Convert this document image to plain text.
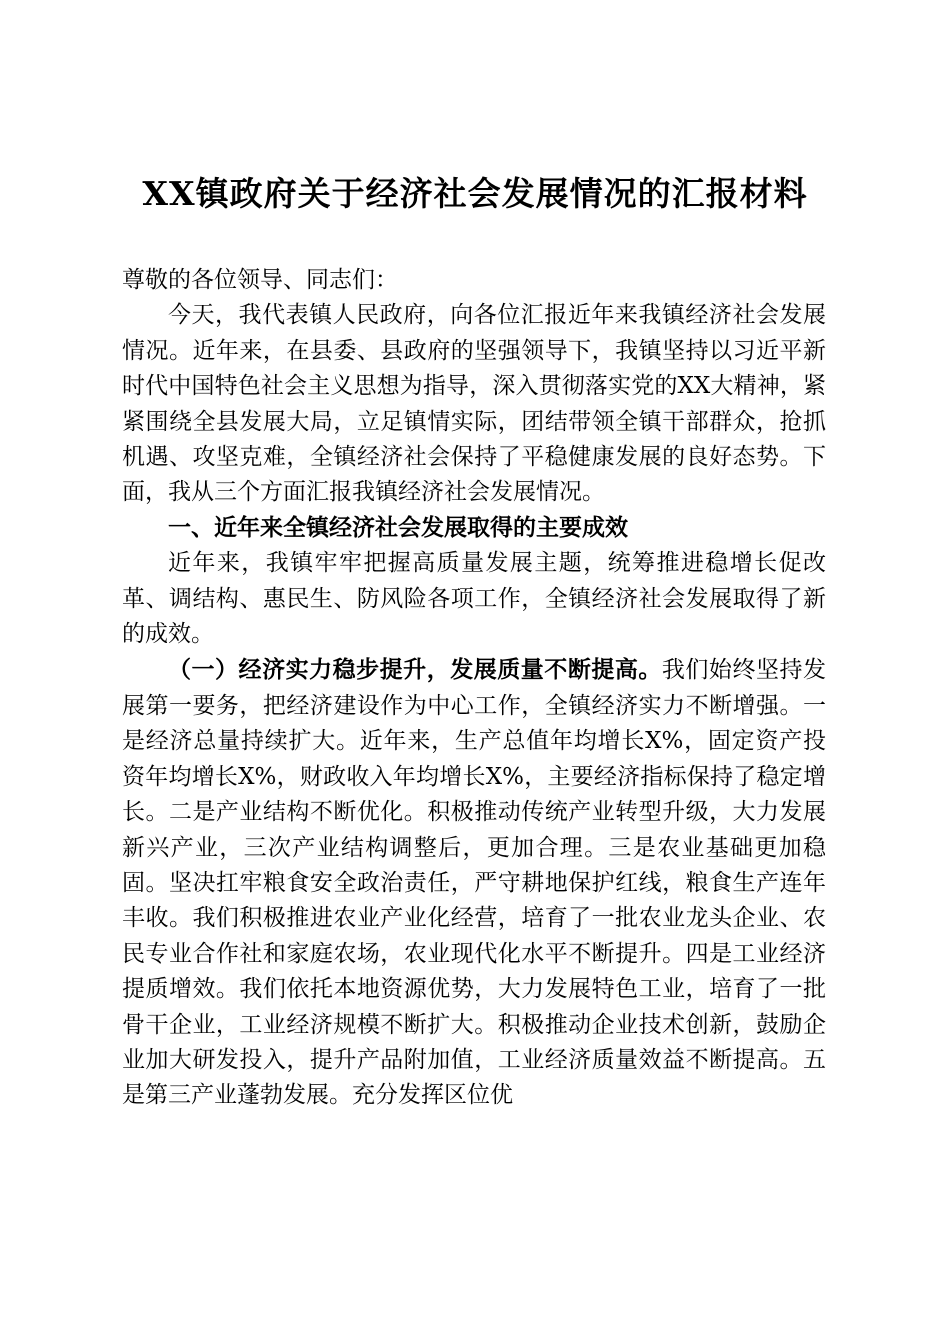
XX镇政府关于经济社会发展情况的汇报材料

尊敬的各位领导、同志们：

今天，我代表镇人民政府，向各位汇报近年来我镇经济社会发展情况。近年来，在县委、县政府的坚强领导下，我镇坚持以习近平新时代中国特色社会主义思想为指导，深入贯彻落实党的XX大精神，紧紧围绕全县发展大局，立足镇情实际，团结带领全镇干部群众，抢抓机遇、攻坚克难，全镇经济社会保持了平稳健康发展的良好态势。下面，我从三个方面汇报我镇经济社会发展情况。

一、近年来全镇经济社会发展取得的主要成效

近年来，我镇牢牢把握高质量发展主题，统筹推进稳增长促改革、调结构、惠民生、防风险各项工作，全镇经济社会发展取得了新的成效。

（一）经济实力稳步提升，发展质量不断提高。我们始终坚持发展第一要务，把经济建设作为中心工作，全镇经济实力不断增强。一是经济总量持续扩大。近年来，生产总值年均增长X%，固定资产投资年均增长X%，财政收入年均增长X%，主要经济指标保持了稳定增长。二是产业结构不断优化。积极推动传统产业转型升级，大力发展新兴产业，三次产业结构调整后，更加合理。三是农业基础更加稳固。坚决扛牢粮食安全政治责任，严守耕地保护红线，粮食生产连年丰收。我们积极推进农业产业化经营，培育了一批农业龙头企业、农民专业合作社和家庭农场，农业现代化水平不断提升。四是工业经济提质增效。我们依托本地资源优势，大力发展特色工业，培育了一批骨干企业，工业经济规模不断扩大。积极推动企业技术创新，鼓励企业加大研发投入，提升产品附加值，工业经济质量效益不断提高。五是第三产业蓬勃发展。充分发挥区位优
